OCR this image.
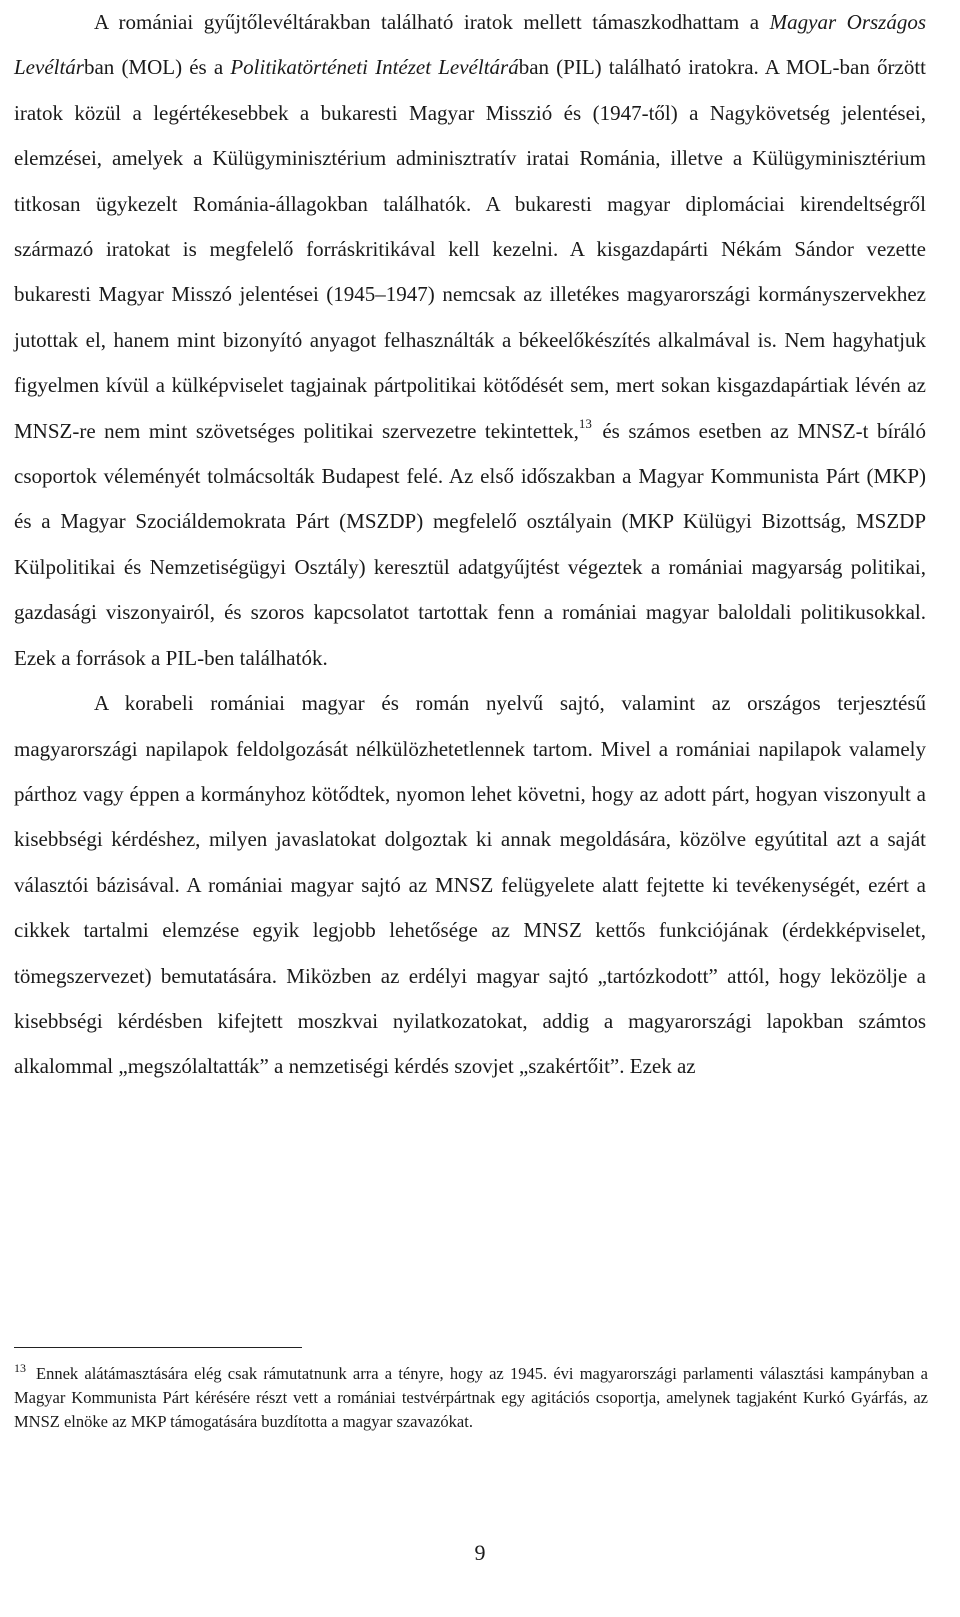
A romániai gyűjtőlevéltárakban található iratok mellett támaszkodhattam a Magyar Országos Levéltárban (MOL) és a Politikatörténeti Intézet Levéltárában (PIL) található iratokra. A MOL-ban őrzött iratok közül a legértékesebbek a bukaresti Magyar Misszió és (1947-től) a Nagykövetség jelentései, elemzései, amelyek a Külügyminisztérium adminisztratív iratai Románia, illetve a Külügyminisztérium titkosan ügykezelt Románia-állagokban találhatók. A bukaresti magyar diplomáciai kirendeltségről származó iratokat is megfelelő forráskritikával kell kezelni. A kisgazdapárti Nékám Sándor vezette bukaresti Magyar Misszó jelentései (1945–1947) nemcsak az illetékes magyarországi kormányszervekhez jutottak el, hanem mint bizonyító anyagot felhasználták a békeelőkészítés alkalmával is. Nem hagyhatjuk figyelmen kívül a külképviselet tagjainak pártpolitikai kötődését sem, mert sokan kisgazdapártiak lévén az MNSZ-re nem mint szövetséges politikai szervezetre tekintettek,$^{13}$ és számos esetben az MNSZ-t bíráló csoportok véleményét tolmácsolták Budapest felé. Az első időszakban a Magyar Kommunista Párt (MKP) és a Magyar Szociáldemokrata Párt (MSZDP) megfelelő osztályain (MKP Külügyi Bizottság, MSZDP Külpolitikai és Nemzetiségügyi Osztály) keresztül adatgyűjtést végeztek a romániai magyarság politikai, gazdasági viszonyairól, és szoros kapcsolatot tartottak fenn a romániai magyar baloldali politikusokkal. Ezek a források a PIL-ben találhatók.

A korabeli romániai magyar és román nyelvű sajtó, valamint az országos terjesztésű magyarországi napilapok feldolgozását nélkülözhetetlennek tartom. Mivel a romániai napilapok valamely párthoz vagy éppen a kormányhoz kötődtek, nyomon lehet követni, hogy az adott párt, hogyan viszonyult a kisebbségi kérdéshez, milyen javaslatokat dolgoztak ki annak megoldására, közölve egyútital azt a saját választói bázisával. A romániai magyar sajtó az MNSZ felügyelete alatt fejtette ki tevékenységét, ezért a cikkek tartalmi elemzése egyik legjobb lehetősége az MNSZ kettős funkciójának (érdekképviselet, tömegszervezet) bemutatására. Miközben az erdélyi magyar sajtó „tartózkodott” attól, hogy leközölje a kisebbségi kérdésben kifejtett moszkvai nyilatkozatokat, addig a magyarországi lapokban számtos alkalommal „megszólaltatták” a nemzetiségi kérdés szovjet „szakértőit”. Ezek az

$^{13}$ Ennek alátámasztására elég csak rámutatnunk arra a tényre, hogy az 1945. évi magyarországi parlamenti választási kampányban a Magyar Kommunista Párt kérésére részt vett a romániai testvérpártnak egy agitációs csoportja, amelynek tagjaként Kurkó Gyárfás, az MNSZ elnöke az MKP támogatására buzdította a magyar szavazókat.

9
